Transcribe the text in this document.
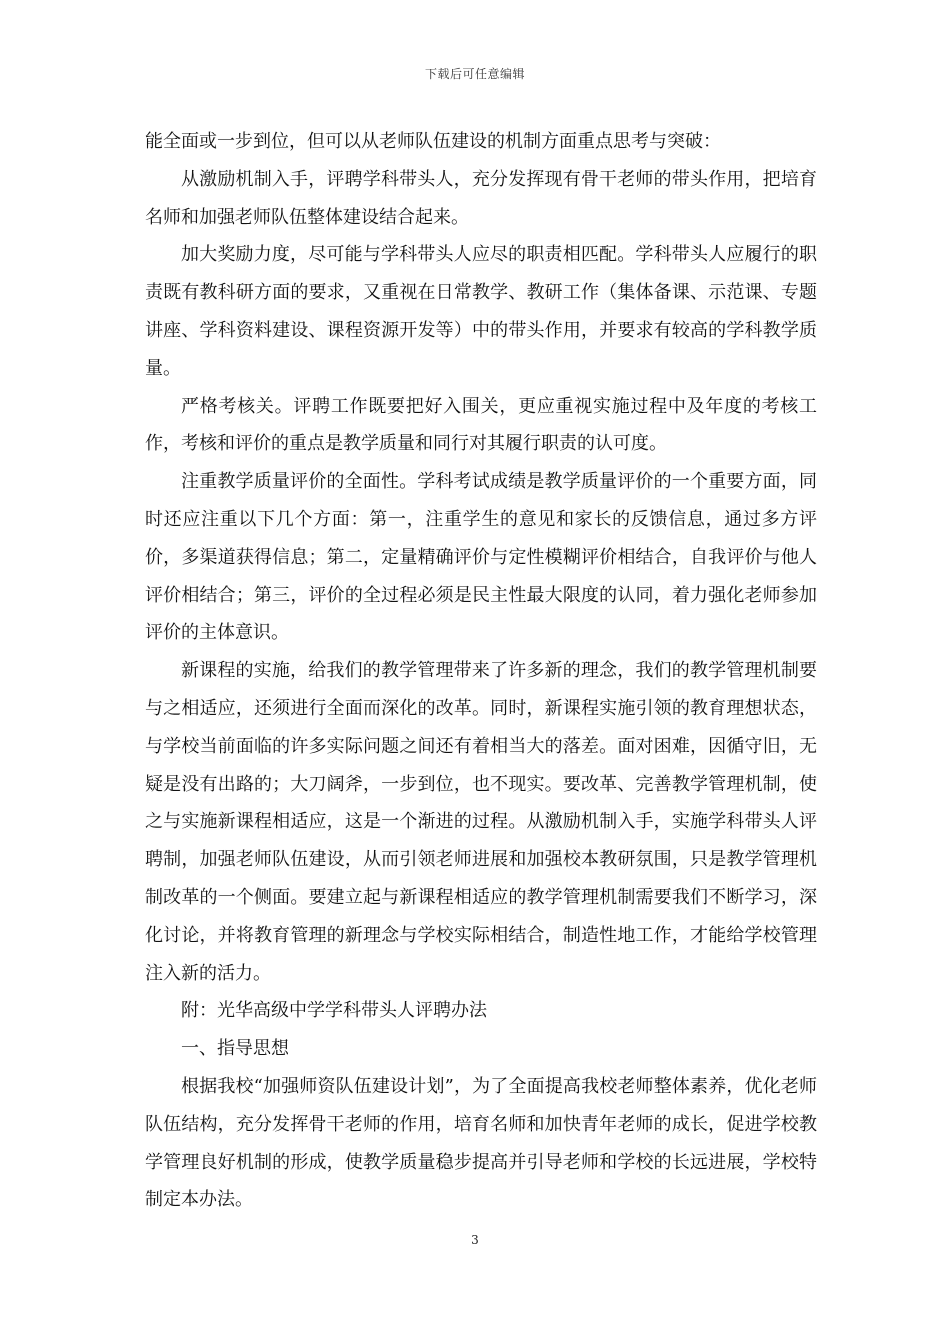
下载后可任意编辑

能全面或一步到位，但可以从老师队伍建设的机制方面重点思考与突破：

从激励机制入手，评聘学科带头人，充分发挥现有骨干老师的带头作用，把培育名师和加强老师队伍整体建设结合起来。

加大奖励力度，尽可能与学科带头人应尽的职责相匹配。学科带头人应履行的职责既有教科研方面的要求，又重视在日常教学、教研工作（集体备课、示范课、专题讲座、学科资料建设、课程资源开发等）中的带头作用，并要求有较高的学科教学质量。

严格考核关。评聘工作既要把好入围关，更应重视实施过程中及年度的考核工作，考核和评价的重点是教学质量和同行对其履行职责的认可度。

注重教学质量评价的全面性。学科考试成绩是教学质量评价的一个重要方面，同时还应注重以下几个方面：第一，注重学生的意见和家长的反馈信息，通过多方评价，多渠道获得信息；第二，定量精确评价与定性模糊评价相结合，自我评价与他人评价相结合；第三，评价的全过程必须是民主性最大限度的认同，着力强化老师参加评价的主体意识。

新课程的实施，给我们的教学管理带来了许多新的理念，我们的教学管理机制要与之相适应，还须进行全面而深化的改革。同时，新课程实施引领的教育理想状态，与学校当前面临的许多实际问题之间还有着相当大的落差。面对困难，因循守旧，无疑是没有出路的；大刀阔斧，一步到位，也不现实。要改革、完善教学管理机制，使之与实施新课程相适应，这是一个渐进的过程。从激励机制入手，实施学科带头人评聘制，加强老师队伍建设，从而引领老师进展和加强校本教研氛围，只是教学管理机制改革的一个侧面。要建立起与新课程相适应的教学管理机制需要我们不断学习，深化讨论，并将教育管理的新理念与学校实际相结合，制造性地工作，才能给学校管理注入新的活力。

附：光华高级中学学科带头人评聘办法

一、指导思想

根据我校“加强师资队伍建设计划”，为了全面提高我校老师整体素养，优化老师队伍结构，充分发挥骨干老师的作用，培育名师和加快青年老师的成长，促进学校教学管理良好机制的形成，使教学质量稳步提高并引导老师和学校的长远进展，学校特制定本办法。

3
